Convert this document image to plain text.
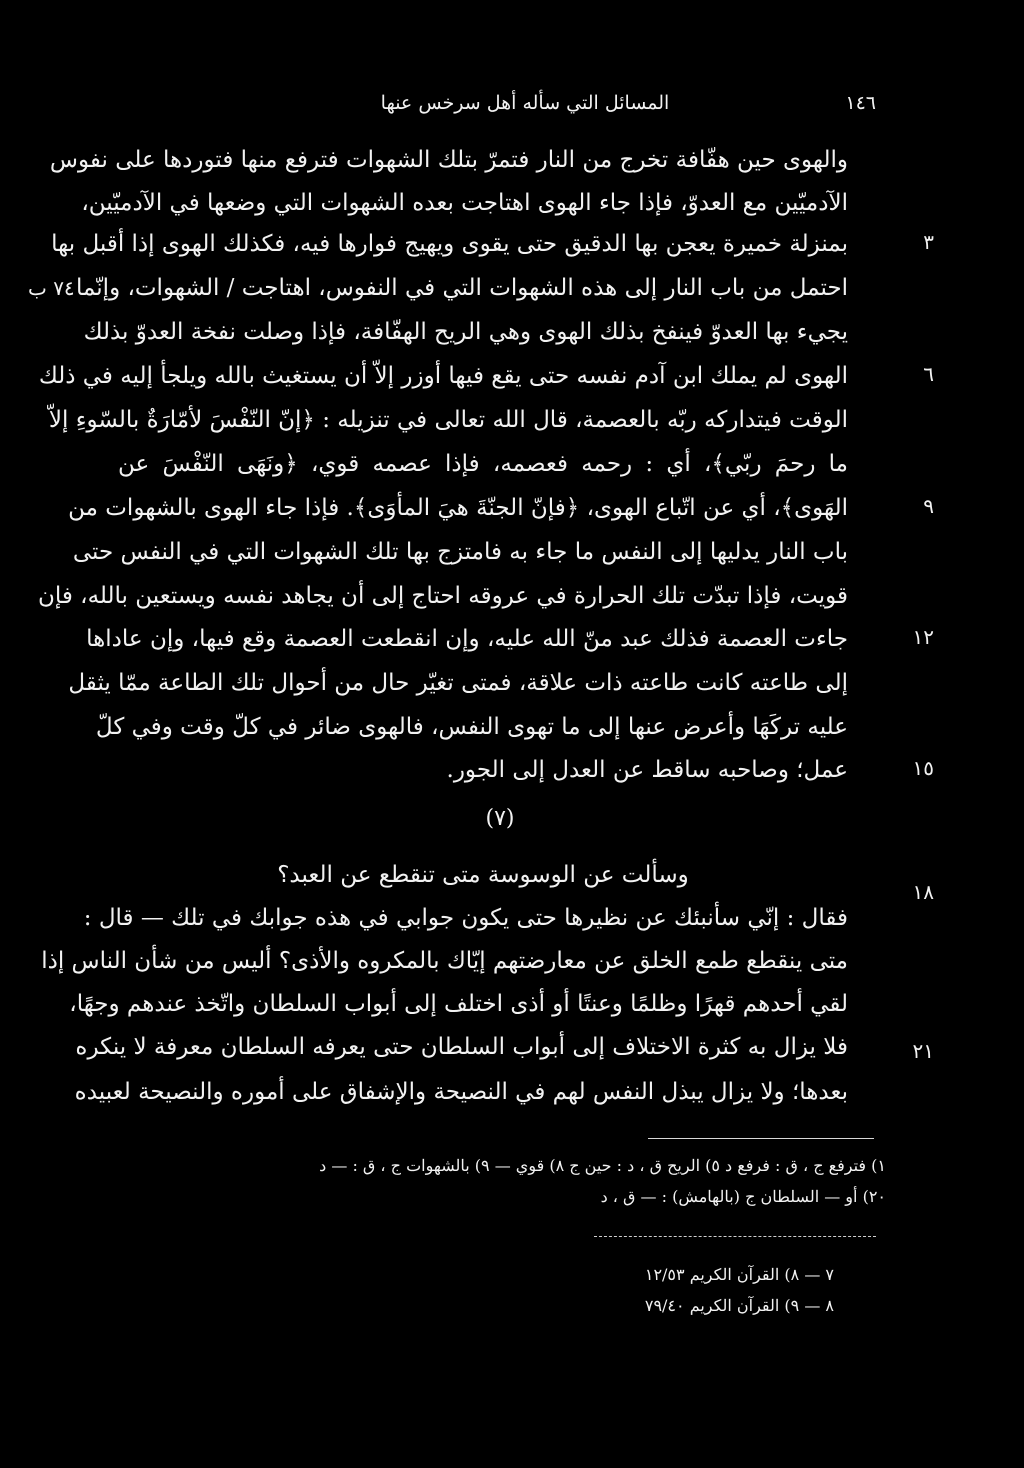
المسائل التي سأله أهل سرخس عنها	١٤٦
٧٤ ب
٣
٦
٩
١٢
١٥
١٨
٢١
والهوى حين هفّافة تخرج من النار فتمرّ بتلك الشهوات فترفع منها فتوردها على نفوس
الآدميّين مع العدوّ، فإذا جاء الهوى اهتاجت بعده الشهوات التي وضعها في الآدميّين،
بمنزلة خميرة يعجن بها الدقيق حتى يقوى ويهيج فوارها فيه، فكذلك الهوى إذا أقبل بها
احتمل من باب النار إلى هذه الشهوات التي في النفوس، اهتاجت / الشهوات، وإنّما
يجيء بها العدوّ فينفخ بذلك الهوى وهي الريح الهفّافة، فإذا وصلت نفخة العدوّ بذلك
الهوى لم يملك ابن آدم نفسه حتى يقع فيها أوزر إلاّ أن يستغيث بالله ويلجأ إليه في ذلك
الوقت فيتداركه ربّه بالعصمة، قال الله تعالى في تنزيله : ﴿إنّ النّفْسَ لأمّارَةٌ بالسّوءِ إلاّ
ما رحمَ ربّي﴾، أي : رحمه فعصمه، فإذا عصمه قوي، ﴿ونَهَى النّفْسَ عن
الهَوى﴾، أي عن اتّباع الهوى، ﴿فإنّ الجنّةَ هيَ المأوَى﴾. فإذا جاء الهوى بالشهوات من
باب النار يدليها إلى النفس ما جاء به فامتزج بها تلك الشهوات التي في النفس حتى
قويت، فإذا تبدّت تلك الحرارة في عروقه احتاج إلى أن يجاهد نفسه ويستعين بالله، فإن
جاءت العصمة فذلك عبد منّ الله عليه، وإن انقطعت العصمة وقع فيها، وإن عاداها
إلى طاعته كانت طاعته ذات علاقة، فمتى تغيّر حال من أحوال تلك الطاعة ممّا يثقل
عليه تركَهَا وأعرض عنها إلى ما تهوى النفس، فالهوى ضائر في كلّ وقت وفي كلّ
عمل؛ وصاحبه ساقط عن العدل إلى الجور.
(٧)
وسألت عن الوسوسة متى تنقطع عن العبد؟
فقال : إنّي سأنبئك عن نظيرها حتى يكون جوابي في هذه جوابك في تلك — قال :
متى ينقطع طمع الخلق عن معارضتهم إيّاك بالمكروه والأذى؟ أليس من شأن الناس إذا
لقي أحدهم قهرًا وظلمًا وعنتًا أو أذى اختلف إلى أبواب السلطان واتّخذ عندهم وجهًا،
فلا يزال به كثرة الاختلاف إلى أبواب السلطان حتى يعرفه السلطان معرفة لا ينكره
بعدها؛ ولا يزال يبذل النفس لهم في النصيحة والإشفاق على أموره والنصيحة لعبيده
١) فترفع ج ، ق : فرفع د ٥) الريح ق ، د : حين ج ٨) قوي — ٩) بالشهوات ج ، ق : — د
٢٠) أو — السلطان ج (بالهامش) : — ق ، د
٧ — ٨) القرآن الكريم ١٢/٥٣
٨ — ٩) القرآن الكريم ٧٩/٤٠
